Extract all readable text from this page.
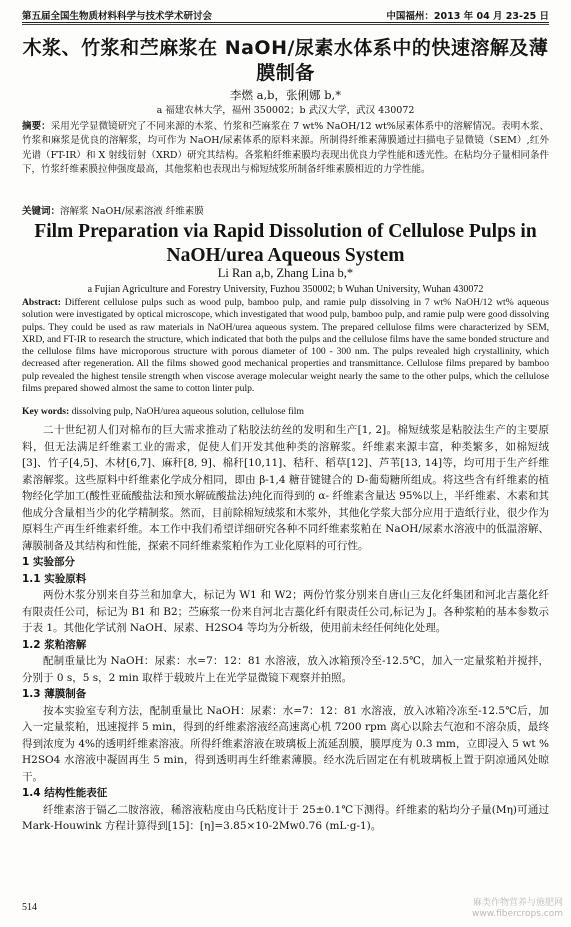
第五届全国生物质材料科学与技术学术研讨会	中国福州：2013 年 04 月 23-25 日
木浆、竹浆和苎麻浆在 NaOH/尿素水体系中的快速溶解及薄膜制备
李燃 a,b，张俐娜 b,*
a 福建农林大学，福州 350002；b 武汉大学，武汉 430072
摘要：采用光学显微镜研究了不同来源的木浆、竹浆和苎麻浆在 7 wt% NaOH/12 wt%尿素体系中的溶解情况。表明木浆、竹浆和麻浆是优良的溶解浆，均可作为 NaOH/尿素体系的原料来源。所制得纤维素薄膜通过扫描电子显微镜（SEM）,红外光谱（FT-IR）和 X 射线衍射（XRD）研究其结构。各浆粕纤维素膜均表现出优良力学性能和透光性。在粘均分子量相同条件下，竹浆纤维素膜拉伸强度最高，其他浆粕也表现出与棉短绒浆所制备纤维素膜相近的力学性能。
关键词：溶解浆 NaOH/尿素溶液 纤维素膜
Film Preparation via Rapid Dissolution of Cellulose Pulps in NaOH/urea Aqueous System
Li Ran a,b, Zhang Lina b,*
a Fujian Agriculture and Forestry University, Fuzhou 350002; b Wuhan University, Wuhan 430072
Abstract: Different cellulose pulps such as wood pulp, bamboo pulp, and ramie pulp dissolving in 7 wt% NaOH/12 wt% aqueous solution were investigated by optical microscope, which investigated that wood pulp, bamboo pulp, and ramie pulp were good dissolving pulps. They could be used as raw materials in NaOH/urea aqueous system. The prepared cellulose films were characterized by SEM, XRD, and FT-IR to research the structure, which indicated that both the pulps and the cellulose films have the same bonded structure and the cellulose films have microporous structure with porous diameter of 100 - 300 nm. The pulps revealed high crystallinity, which decreased after regeneration. All the films showed good mechanical properties and transmittance. Cellulose films prepared by bamboo pulp revealed the highest tensile strength when viscose average molecular weight nearly the same to the other pulps, which the cellulose films prepared showed almost the same to cotton linter pulp.
Key words: dissolving pulp, NaOH/urea aqueous solution, cellulose film

二十世纪初人们对棉布的巨大需求推动了粘胶法纺丝的发明和生产[1, 2]。棉短绒浆是粘胶法生产的主要原料，但无法满足纤维素工业的需求，促使人们开发其他种类的溶解浆。纤维素来源丰富，种类繁多，如棉短绒[3]、竹子[4,5]、木材[6,7]、麻秆[8, 9]、棉秆[10,11]、秸秆、稻草[12]、芦苇[13, 14]等，均可用于生产纤维素溶解浆。这些原料中纤维素化学成分相同，即由 β-1,4 糖苷键键合的 D-葡萄糖所组成。将这些含有纤维素的植物经化学加工(酸性亚硫酸盐法和预水解硫酸盐法)纯化而得到的 α- 纤维素含量达 95%以上，半纤维素、木素和其他成分含量相当少的化学精制浆。然而，目前除棉短绒浆和木浆外，其他化学浆大部分应用于造纸行业，很少作为原料生产再生纤维素纤维。本工作中我们希望详细研究各种不同纤维素浆粕在 NaOH/尿素水溶液中的低温溶解、薄膜制备及其结构和性能，探索不同纤维素浆粕作为工业化原料的可行性。

1 实验部分
1.1 实验原料

两份木浆分别来自芬兰和加拿大，标记为 W1 和 W2；两份竹浆分别来自唐山三友化纤集团和河北吉藁化纤有限责任公司，标记为 B1 和 B2；苎麻浆一份来自河北吉藁化纤有限责任公司,标记为 J。各种浆粕的基本参数示于表 1。其他化学试剂 NaOH、尿素、H2SO4 等均为分析级，使用前未经任何纯化处理。

1.2 浆粕溶解

配制重量比为 NaOH：尿素：水=7：12：81 水溶液，放入冰箱预冷至-12.5℃，加入一定量浆粕并搅拌，分别于 0 s，5 s，2 min 取样于载玻片上在光学显微镜下观察并拍照。

1.3 薄膜制备

按本实验室专利方法，配制重量比 NaOH：尿素：水=7：12：81 水溶液，放入冰箱冷冻至-12.5℃后，加入一定量浆粕，迅速搅拌 5 min，得到的纤维素溶液经高速离心机 7200 rpm 离心以除去气泡和不溶杂质，最终得到浓度为 4%的透明纤维素溶液。所得纤维素溶液在玻璃板上流延刮膜，膜厚度为 0.3 mm，立即浸入 5 wt % H2SO4 水溶液中凝固再生 5 min，得到透明再生纤维素薄膜。经水洗后固定在有机玻璃板上置于阴凉通风处晾干。

1.4 结构性能表征

纤维素溶于镉乙二胺溶液，稀溶液粘度由乌氏粘度计于 25±0.1℃下测得。纤维素的粘均分子量(Mη)可通过 Mark-Houwink 方程计算得到[15]：[η]=3.85×10-2Mw0.76 (mL·g-1)。

514	麻类作物营养与施肥网
www.fibercrops.com
